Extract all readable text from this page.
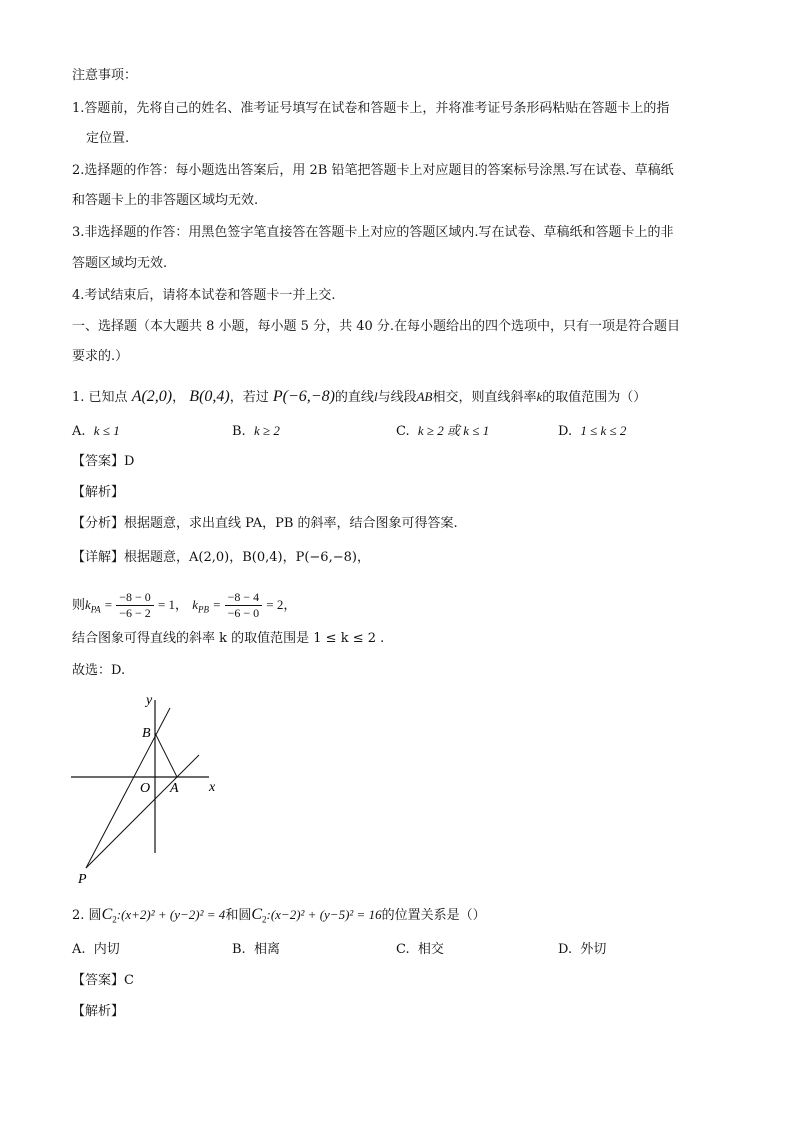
注意事项：
1.答题前，先将自己的姓名、准考证号填写在试卷和答题卡上，并将准考证号条形码粘贴在答题卡上的指
定位置.
2.选择题的作答：每小题选出答案后，用 2B 铅笔把答题卡上对应题目的答案标号涂黑.写在试卷、草稿纸
和答题卡上的非答题区域均无效.
3.非选择题的作答：用黑色签字笔直接答在答题卡上对应的答题区域内.写在试卷、草稿纸和答题卡上的非
答题区域均无效.
4.考试结束后，请将本试卷和答题卡一并上交.
一、选择题（本大题共 8 小题，每小题 5 分，共 40 分.在每小题给出的四个选项中，只有一项是符合题目
要求的.）
1. 已知点 A(2,0)， B(0,4)，若过 P(−6,−8)的直线l与线段AB相交，则直线斜率k的取值范围为（）
A. k ≤ 1	B. k ≥ 2	C. k ≥ 2 或 k ≤ 1	D. 1 ≤ k ≤ 2
【答案】D
【解析】
【分析】根据题意，求出直线 PA，PB 的斜率，结合图象可得答案.
【详解】根据题意，A(2,0)，B(0,4)，P(−6,−8)，
则$k_{PA} = \frac{-8 - 0}{-6 - 2} = 1$， $k_{PB} = \frac{-8 - 4}{-6 - 0} = 2$，
结合图象可得直线的斜率 k 的取值范围是 1 ≤ k ≤ 2 .
故选：D.
y
x
B
O A
P
2. 圆$C_2:(x+2)^2 + (y-2)^2 = 4$和圆$C_2:(x-2)^2 + (y-5)^2 = 16$的位置关系是（）
A. 内切	B. 相离	C. 相交	D. 外切
【答案】C
【解析】
